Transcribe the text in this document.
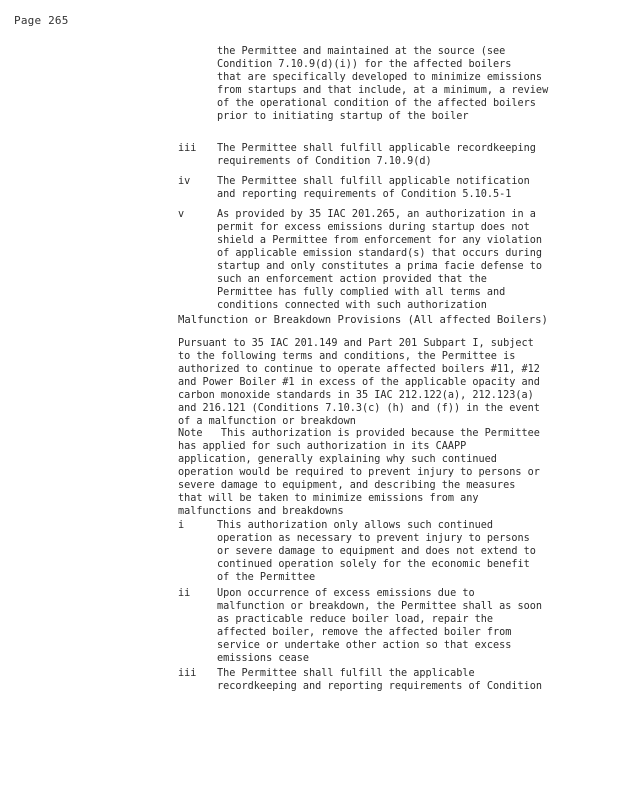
Page 265
the Permittee and maintained at the source (see
Condition 7.10.9(d)(i)) for the affected boilers
that are specifically developed to minimize emissions
from startups and that include, at a minimum, a review
of the operational condition of the affected boilers
prior to initiating startup of the boiler
iii The Permittee shall fulfill applicable recordkeeping
requirements of Condition 7.10.9(d)
iv	The Permittee shall fulfill applicable notification
and reporting requirements of Condition 5.10.5-1
v	As provided by 35 IAC 201.265, an authorization in a
permit for excess emissions during startup does not
shield a Permittee from enforcement for any violation
of applicable emission standard(s) that occurs during
startup and only constitutes a prima facie defense to
such an enforcement action provided that the
Permittee has fully complied with all terms and
conditions connected with such authorization
Malfunction or Breakdown Provisions (All affected Boilers)
Pursuant to 35 IAC 201.149 and Part 201 Subpart I, subject
to the following terms and conditions, the Permittee is
authorized to continue to operate affected boilers #11, #12
and Power Boiler #1 in excess of the applicable opacity and
carbon monoxide standards in 35 IAC 212.122(a), 212.123(a)
and 216.121 (Conditions 7.10.3(c) (h) and (f)) in the event
of a malfunction or breakdown
Note   This authorization is provided because the Permittee
has applied for such authorization in its CAAPP
application, generally explaining why such continued
operation would be required to prevent injury to persons or
severe damage to equipment, and describing the measures
that will be taken to minimize emissions from any
malfunctions and breakdowns
i	This authorization only allows such continued
operation as necessary to prevent injury to persons
or severe damage to equipment and does not extend to
continued operation solely for the economic benefit
of the Permittee
ii	Upon occurrence of excess emissions due to
malfunction or breakdown, the Permittee shall as soon
as practicable reduce boiler load, repair the
affected boiler, remove the affected boiler from
service or undertake other action so that excess
emissions cease
iii The Permittee shall fulfill the applicable
recordkeeping and reporting requirements of Condition
